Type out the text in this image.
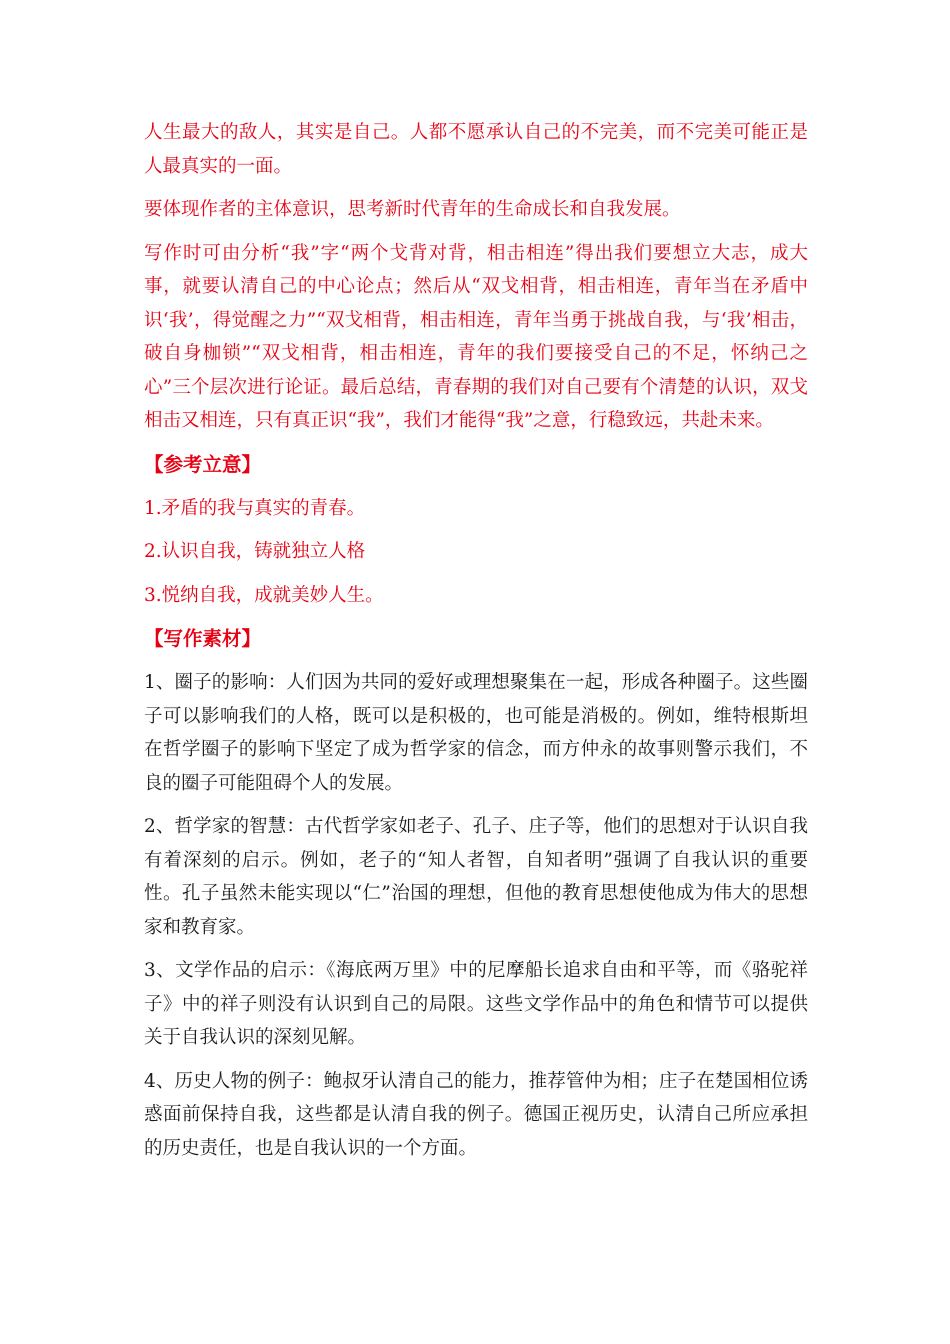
人生最大的敌人，其实是自己。人都不愿承认自己的不完美，而不完美可能正是人最真实的一面。

要体现作者的主体意识，思考新时代青年的生命成长和自我发展。

写作时可由分析“我”字“两个戈背对背，相击相连”得出我们要想立大志，成大事，就要认清自己的中心论点；然后从“双戈相背，相击相连，青年当在矛盾中识‘我’，得觉醒之力”“双戈相背，相击相连，青年当勇于挑战自我，与‘我’相击，破自身枷锁”“双戈相背，相击相连，青年的我们要接受自己的不足，怀纳己之心”三个层次进行论证。最后总结，青春期的我们对自己要有个清楚的认识，双戈相击又相连，只有真正识“我”，我们才能得“我”之意，行稳致远，共赴未来。

【参考立意】

1.矛盾的我与真实的青春。

2.认识自我，铸就独立人格

3.悦纳自我，成就美妙人生。

【写作素材】

1、圈子的影响：人们因为共同的爱好或理想聚集在一起，形成各种圈子。这些圈子可以影响我们的人格，既可以是积极的，也可能是消极的。例如，维特根斯坦在哲学圈子的影响下坚定了成为哲学家的信念，而方仲永的故事则警示我们，不良的圈子可能阻碍个人的发展。

2、哲学家的智慧：古代哲学家如老子、孔子、庄子等，他们的思想对于认识自我有着深刻的启示。例如，老子的“知人者智，自知者明”强调了自我认识的重要性。孔子虽然未能实现以“仁”治国的理想，但他的教育思想使他成为伟大的思想家和教育家。

3、文学作品的启示：《海底两万里》中的尼摩船长追求自由和平等，而《骆驼祥子》中的祥子则没有认识到自己的局限。这些文学作品中的角色和情节可以提供关于自我认识的深刻见解。

4、历史人物的例子：鲍叔牙认清自己的能力，推荐管仲为相；庄子在楚国相位诱惑面前保持自我，这些都是认清自我的例子。德国正视历史，认清自己所应承担的历史责任，也是自我认识的一个方面。
